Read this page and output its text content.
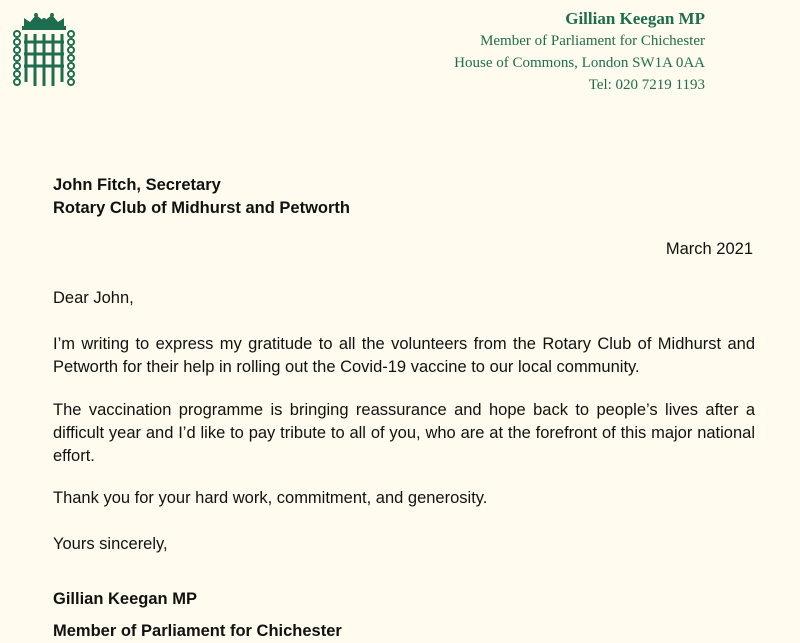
Gillian Keegan MP
Member of Parliament for Chichester
House of Commons, London SW1A 0AA
Tel: 020 7219 1193
John Fitch, Secretary
Rotary Club of Midhurst and Petworth
March 2021
Dear John,
I’m writing to express my gratitude to all the volunteers from the Rotary Club of Midhurst and Petworth for their help in rolling out the Covid-19 vaccine to our local community.
The vaccination programme is bringing reassurance and hope back to people’s lives after a difficult year and I’d like to pay tribute to all of you, who are at the forefront of this major national effort.
Thank you for your hard work, commitment, and generosity.
Yours sincerely,
Gillian Keegan MP
Member of Parliament for Chichester
